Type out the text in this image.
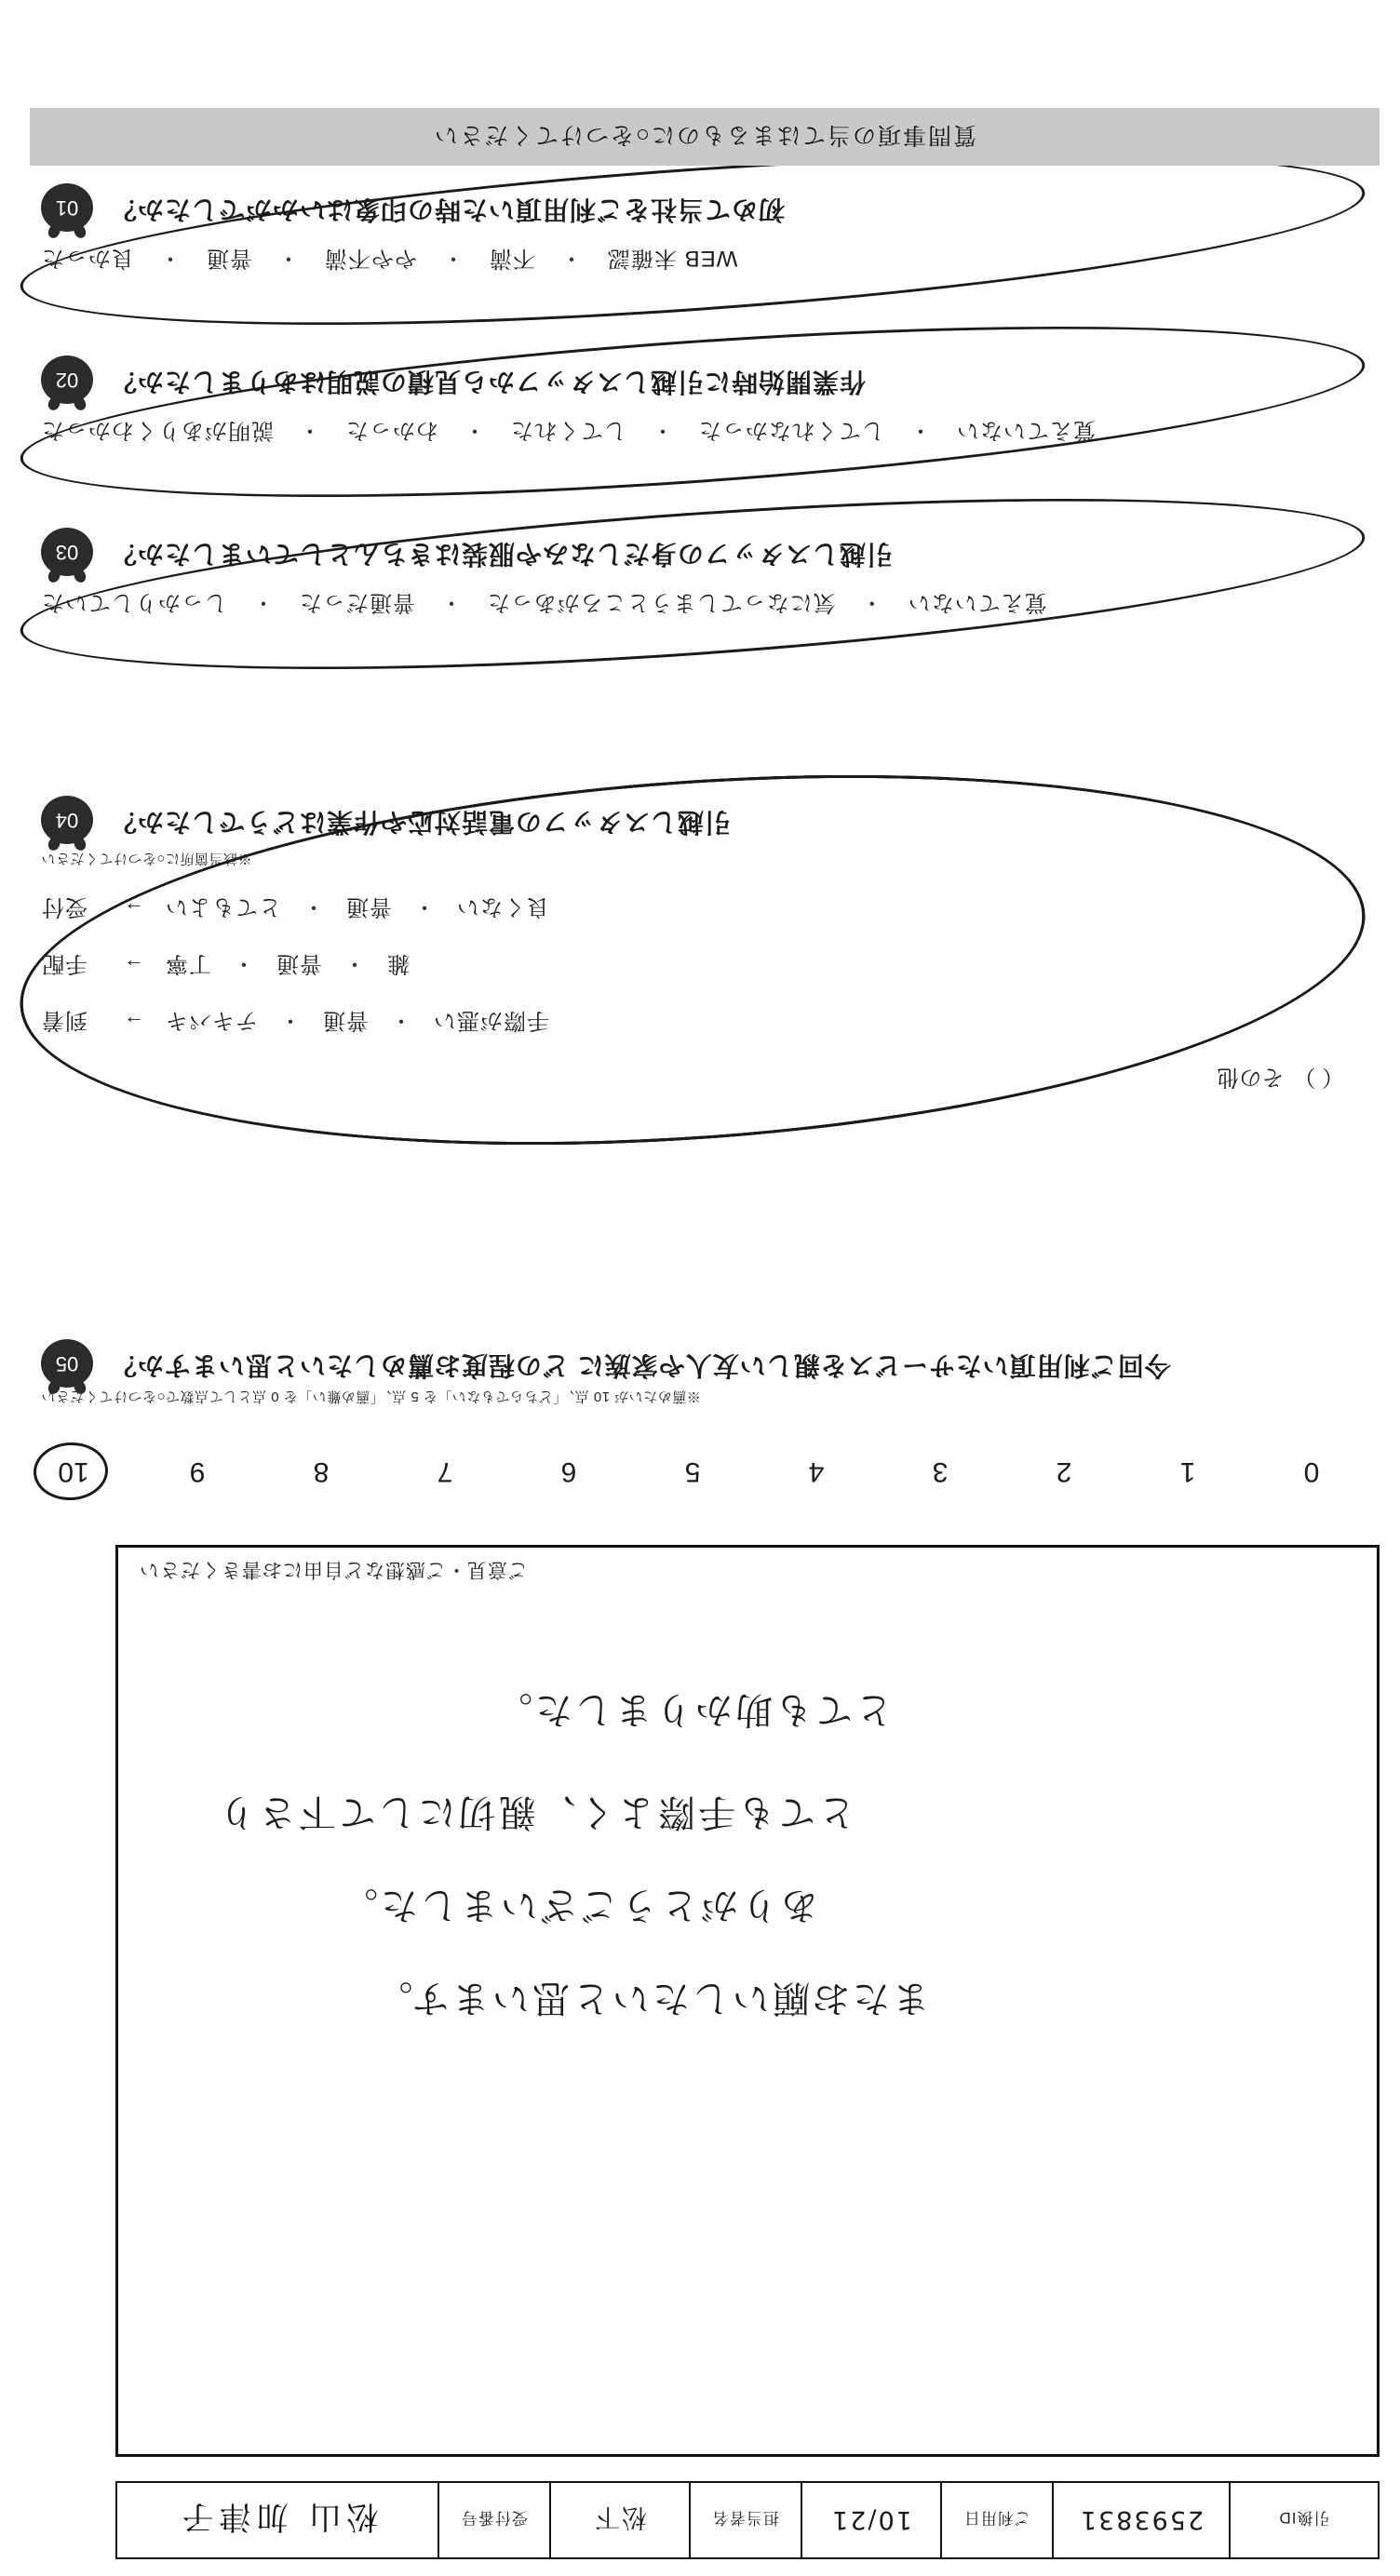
引換ID
2593831
ご利用日
10/21
担当者名
松下
受付番号
松山 加津子
またお願いしたいと思います。
ありがとうございました。
とても手際よく、親切にして下さり
とても助かりました。
ご意見・ご感想など自由にお書きください
0
1
2
3
4
5
6
7
8
9
10
※薦めたいが 10 点、「どちらでもない」を 5 点、「薦め難い」を 0 点として点数で○をつけてください
今回ご利用頂いたサービスを親しい友人や家族に どの程度お薦めしたいと思いますか？
05
（ ）
その他
手際が悪い
・
普通
・
テキパキ
→
到着
雑
・
普通
・
丁寧
→
手配
良くない
・
普通
・
とてもよい
→
受付
※該当箇所に○をつけてください
引越しスタッフの電話対応や作業はどうでしたか？
04
覚えていない
・
気になってしまうところがあった
・
普通だった
・
しっかりしていた
引越しスタッフの身だしなみや服装はきちんとしていましたか？
03
覚えていない
・
してくれなかった
・
してくれた
・
わかった
・
説明がありくわかった
作業開始時に引越しスタッフから見積の説明はありましたか？
02
WEB 未確認
・
不満
・
やや不満
・
普通
・
良かった
初めて当社をご利用頂いた時の印象はいかがでしたか？
01
質問事項の当てはまるものに○をつけてください
